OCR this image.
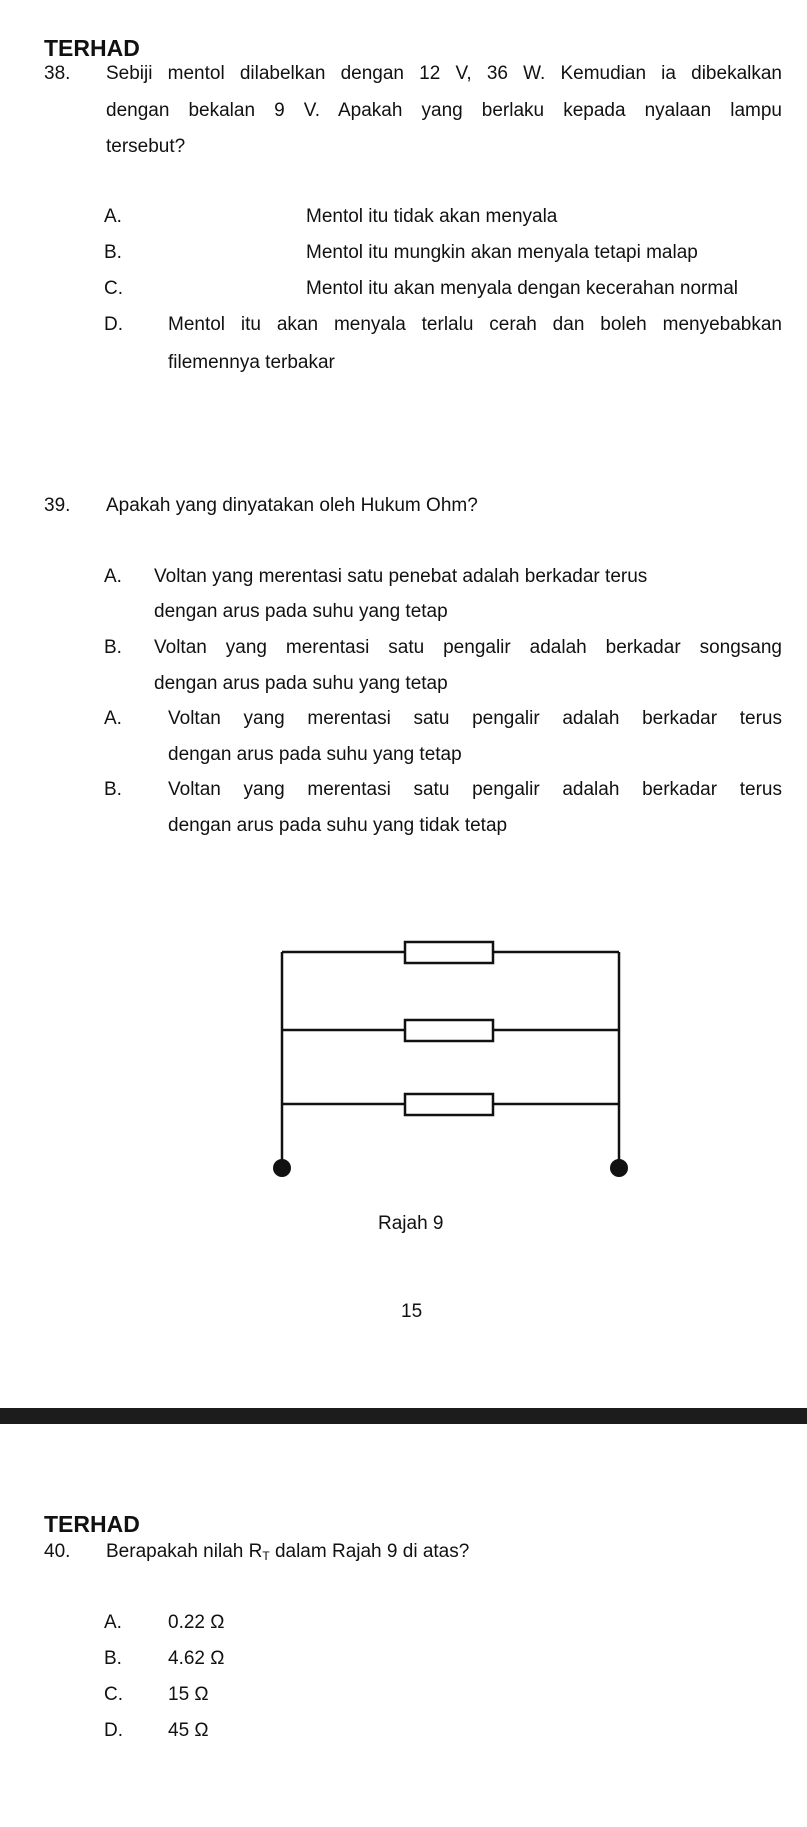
TERHAD
38. Sebiji mentol dilabelkan dengan 12 V, 36 W. Kemudian ia dibekalkan
dengan bekalan 9 V. Apakah yang berlaku kepada nyalaan lampu
tersebut?
A.	Mentol itu tidak akan menyala
B.	Mentol itu mungkin akan menyala tetapi malap
C.	Mentol itu akan menyala dengan kecerahan normal
D. Mentol itu akan menyala terlalu cerah dan boleh menyebabkan
filemennya terbakar
39. Apakah yang dinyatakan oleh Hukum Ohm?
A. Voltan yang merentasi satu penebat adalah berkadar terus
dengan arus pada suhu yang tetap
B. Voltan yang merentasi satu pengalir adalah berkadar songsang
dengan arus pada suhu yang tetap
A. Voltan yang merentasi satu pengalir adalah berkadar terus
dengan arus pada suhu yang tetap
B. Voltan yang merentasi satu pengalir adalah berkadar terus
dengan arus pada suhu yang tidak tetap
Rajah 9
15
TERHAD
40. Berapakah nilah $R_T$ dalam Rajah 9 di atas?
A. 0.22 Ω
B. 4.62 Ω
C. 15 Ω
D. 45 Ω
